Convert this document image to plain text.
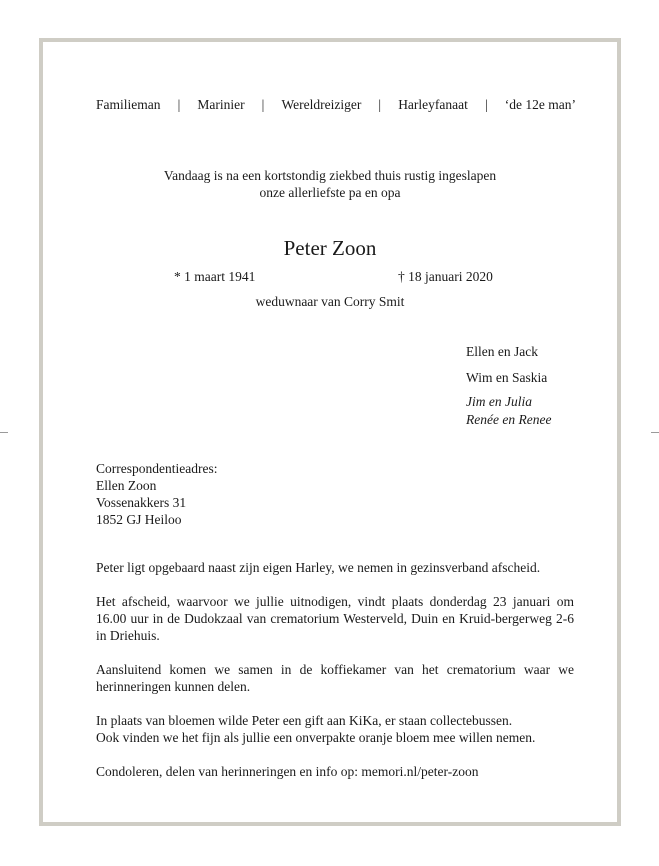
Familieman | Marinier | Wereldreiziger | Harleyfanaat | ‘de 12e man’
Vandaag is na een kortstondig ziekbed thuis rustig ingeslapen
onze allerliefste pa en opa
Peter Zoon
* 1 maart 1941	† 18 januari 2020
weduwnaar van Corry Smit
Ellen en Jack
Wim en Saskia
Jim en Julia
Renée en Renee
Correspondentieadres:
Ellen Zoon
Vossenakkers 31
1852 GJ Heiloo

Peter ligt opgebaard naast zijn eigen Harley, we nemen in gezinsverband afscheid.

Het afscheid, waarvoor we jullie uitnodigen, vindt plaats donderdag 23 januari om 16.00 uur in de Dudokzaal van crematorium Westerveld, Duin en Kruid-bergerweg 2-6 in Driehuis.

Aansluitend komen we samen in de koffiekamer van het crematorium waar we herinneringen kunnen delen.

In plaats van bloemen wilde Peter een gift aan KiKa, er staan collectebussen.

Ook vinden we het fijn als jullie een onverpakte oranje bloem mee willen nemen.

Condoleren, delen van herinneringen en info op: memori.nl/peter-zoon
